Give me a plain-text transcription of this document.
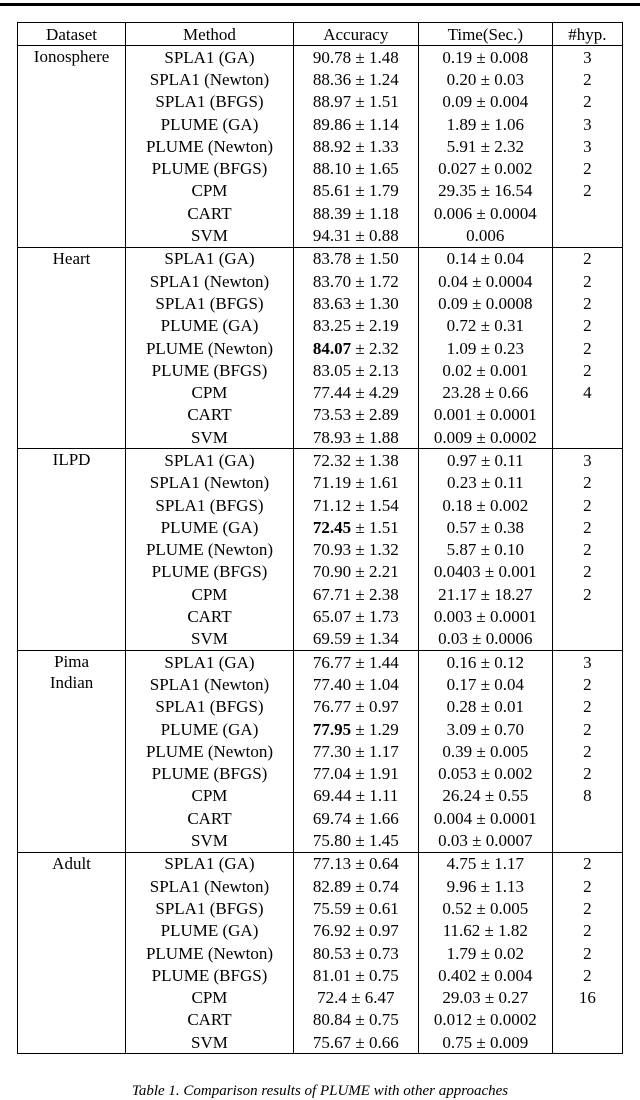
Dataset	Method	Accuracy	Time(Sec.)	#hyp.

Ionosphere	SPLA1 (GA)	90.78 ± 1.48	0.19 ± 0.008	3
	SPLA1 (Newton)	88.36 ± 1.24	0.20 ± 0.03	2
	SPLA1 (BFGS)	88.97 ± 1.51	0.09 ± 0.004	2
	PLUME (GA)	89.86 ± 1.14	1.89 ± 1.06	3
	PLUME (Newton)	88.92 ± 1.33	5.91 ± 2.32	3
	PLUME (BFGS)	88.10 ± 1.65	0.027 ± 0.002	2
	CPM	85.61 ± 1.79	29.35 ± 16.54	2
	CART	88.39 ± 1.18	0.006 ± 0.0004	
	SVM	94.31 ± 0.88	0.006	

Heart	SPLA1 (GA)	83.78 ± 1.50	0.14 ± 0.04	2
	SPLA1 (Newton)	83.70 ± 1.72	0.04 ± 0.0004	2
	SPLA1 (BFGS)	83.63 ± 1.30	0.09 ± 0.0008	2
	PLUME (GA)	83.25 ± 2.19	0.72 ± 0.31	2
	PLUME (Newton)	84.07 ± 2.32	1.09 ± 0.23	2
	PLUME (BFGS)	83.05 ± 2.13	0.02 ± 0.001	2
	CPM	77.44 ± 4.29	23.28 ± 0.66	4
	CART	73.53 ± 2.89	0.001 ± 0.0001	
	SVM	78.93 ± 1.88	0.009 ± 0.0002	

ILPD	SPLA1 (GA)	72.32 ± 1.38	0.97 ± 0.11	3
	SPLA1 (Newton)	71.19 ± 1.61	0.23 ± 0.11	2
	SPLA1 (BFGS)	71.12 ± 1.54	0.18 ± 0.002	2
	PLUME (GA)	72.45 ± 1.51	0.57 ± 0.38	2
	PLUME (Newton)	70.93 ± 1.32	5.87 ± 0.10	2
	PLUME (BFGS)	70.90 ± 2.21	0.0403 ± 0.001	2
	CPM	67.71 ± 2.38	21.17 ± 18.27	2
	CART	65.07 ± 1.73	0.003 ± 0.0001	
	SVM	69.59 ± 1.34	0.03 ± 0.0006	

Pima
Indian	SPLA1 (GA)	76.77 ± 1.44	0.16 ± 0.12	3
	SPLA1 (Newton)	77.40 ± 1.04	0.17 ± 0.04	2
	SPLA1 (BFGS)	76.77 ± 0.97	0.28 ± 0.01	2
	PLUME (GA)	77.95 ± 1.29	3.09 ± 0.70	2
	PLUME (Newton)	77.30 ± 1.17	0.39 ± 0.005	2
	PLUME (BFGS)	77.04 ± 1.91	0.053 ± 0.002	2
	CPM	69.44 ± 1.11	26.24 ± 0.55	8
	CART	69.74 ± 1.66	0.004 ± 0.0001	
	SVM	75.80 ± 1.45	0.03 ± 0.0007	

Adult	SPLA1 (GA)	77.13 ± 0.64	4.75 ± 1.17	2
	SPLA1 (Newton)	82.89 ± 0.74	9.96 ± 1.13	2
	SPLA1 (BFGS)	75.59 ± 0.61	0.52 ± 0.005	2
	PLUME (GA)	76.92 ± 0.97	11.62 ± 1.82	2
	PLUME (Newton)	80.53 ± 0.73	1.79 ± 0.02	2
	PLUME (BFGS)	81.01 ± 0.75	0.402 ± 0.004	2
	CPM	72.4 ± 6.47	29.03 ± 0.27	16
	CART	80.84 ± 0.75	0.012 ± 0.0002	
	SVM	75.67 ± 0.66	0.75 ± 0.009	
Table 1. Comparison results of PLUME with other approaches
